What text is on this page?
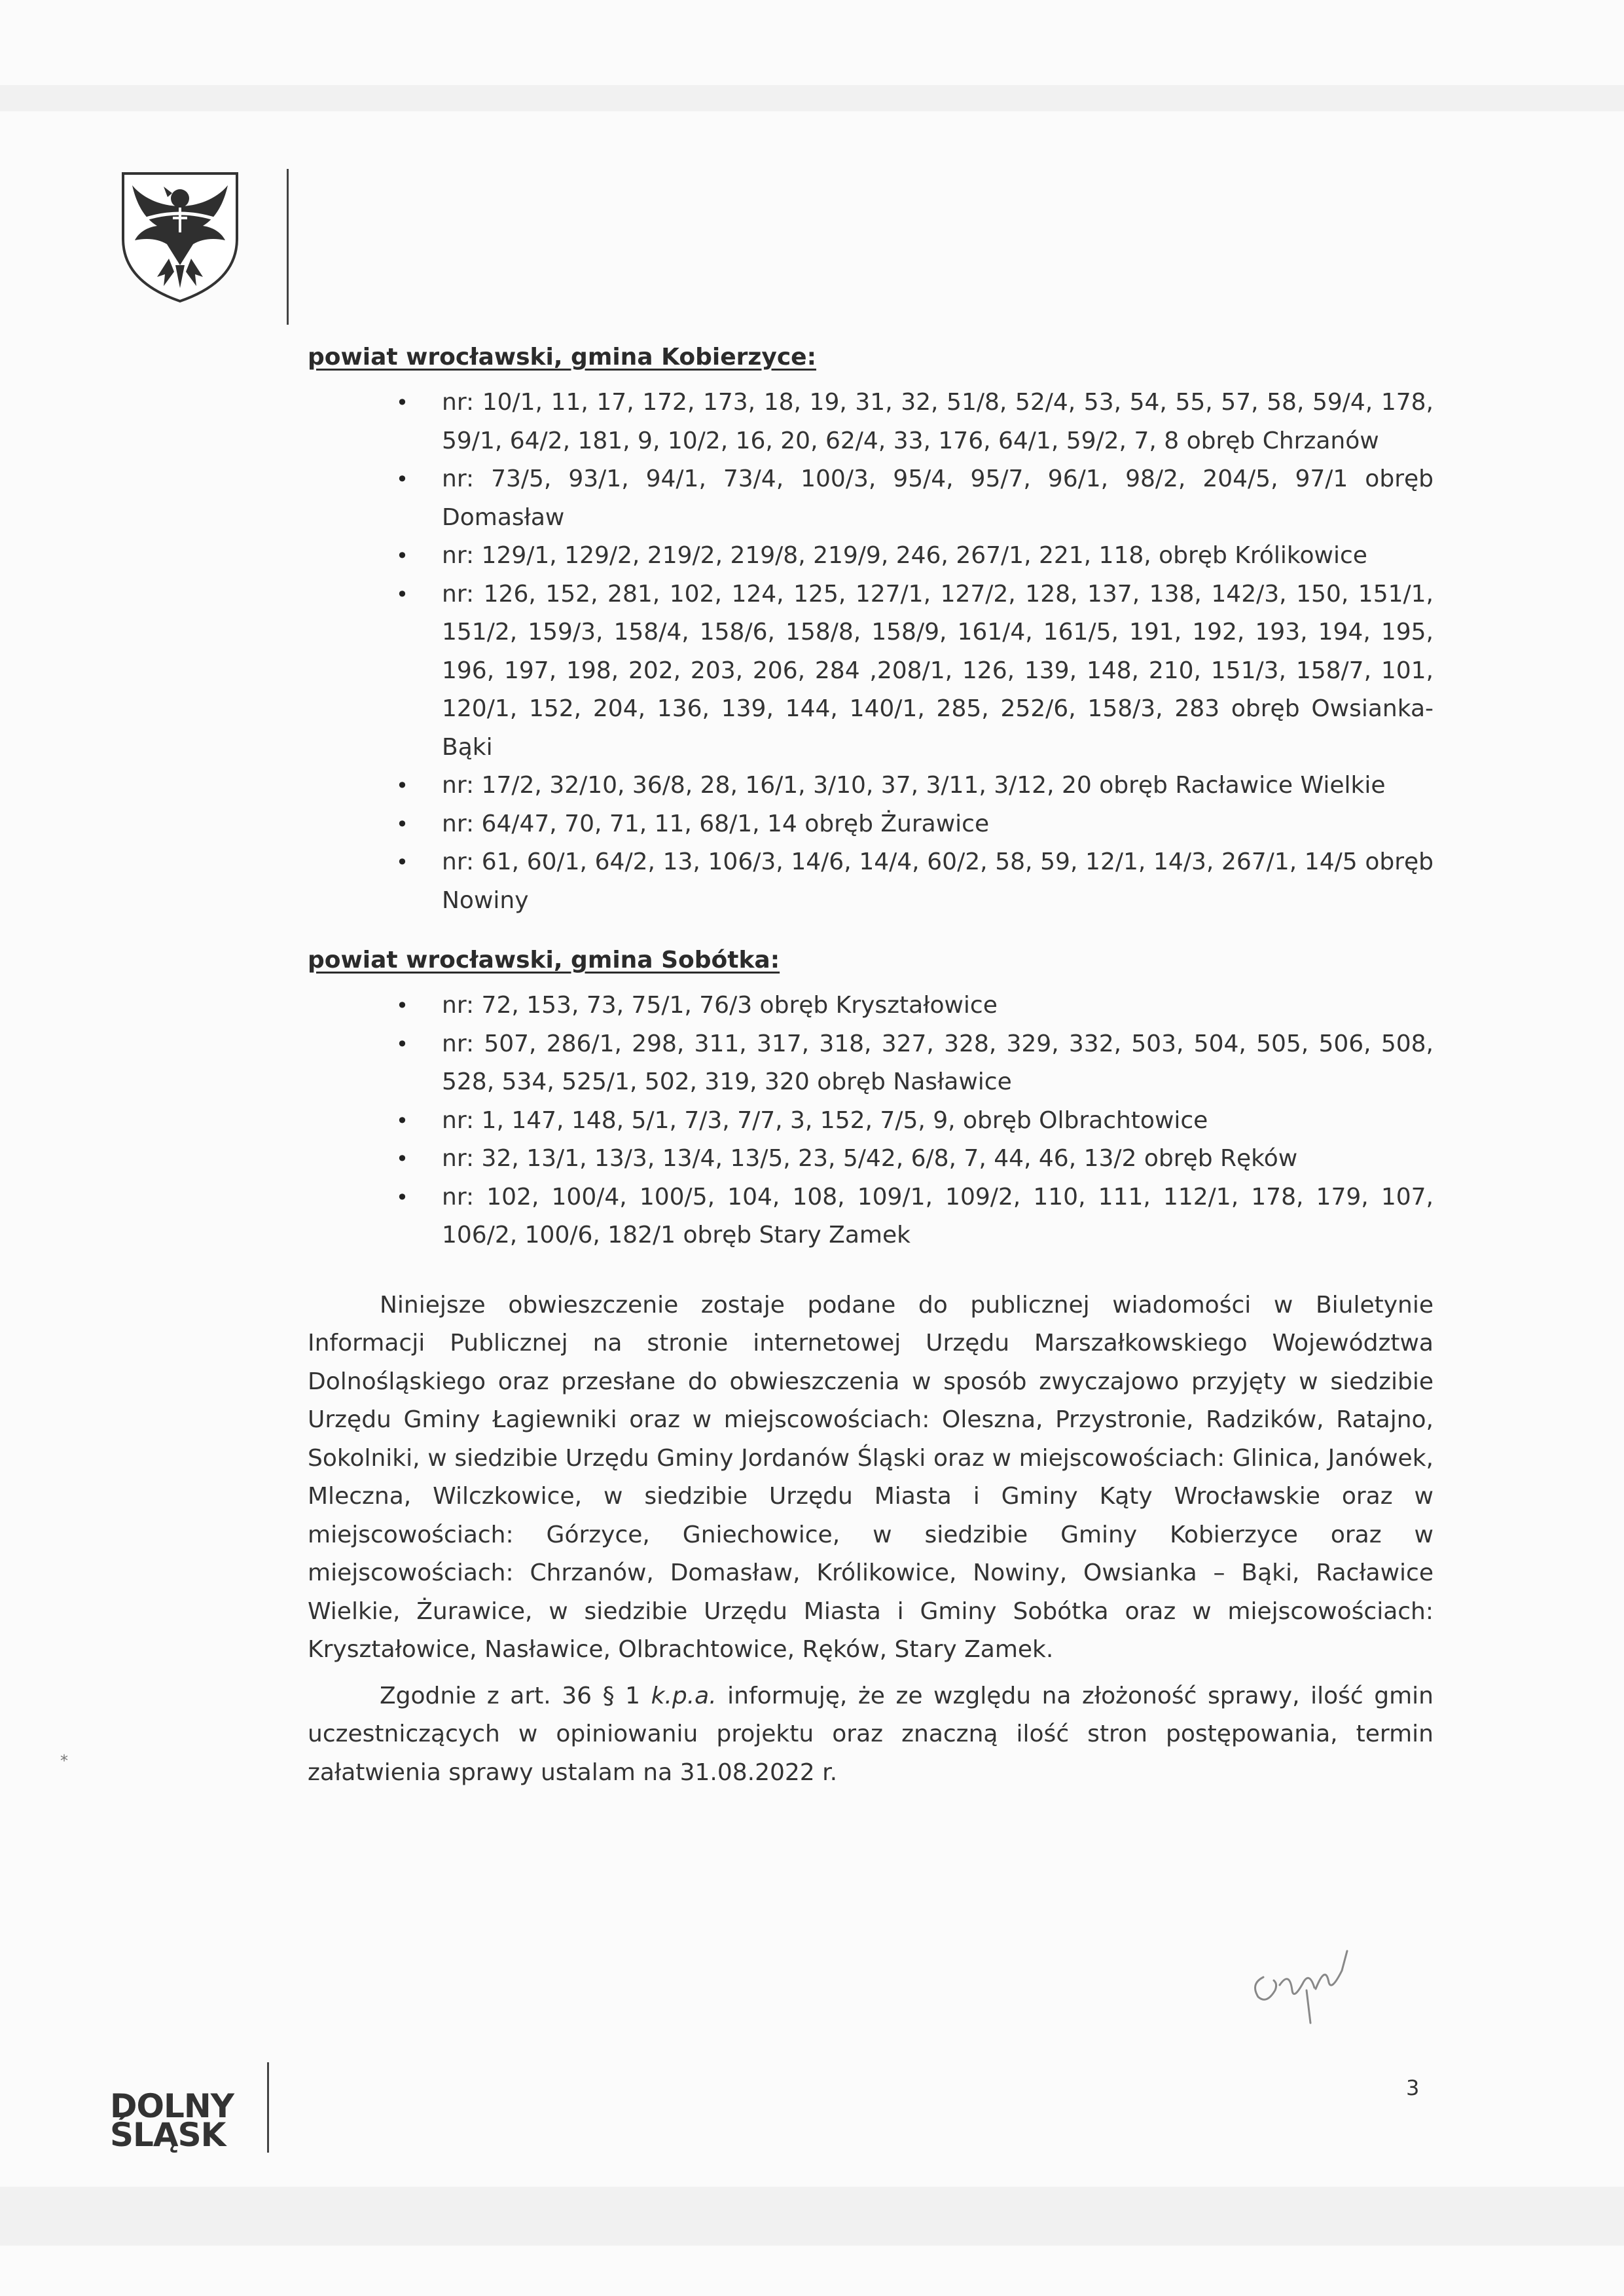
powiat wrocławski, gmina Kobierzyce:
• nr: 10/1, 11, 17, 172, 173, 18, 19, 31, 32, 51/8, 52/4, 53, 54, 55, 57, 58, 59/4, 178, 59/1, 64/2, 181, 9, 10/2, 16, 20, 62/4, 33, 176, 64/1, 59/2, 7, 8 obręb Chrzanów
• nr: 73/5, 93/1, 94/1, 73/4, 100/3, 95/4, 95/7, 96/1, 98/2, 204/5, 97/1 obręb Domasław
• nr: 129/1, 129/2, 219/2, 219/8, 219/9, 246, 267/1, 221, 118, obręb Królikowice
• nr: 126, 152, 281, 102, 124, 125, 127/1, 127/2, 128, 137, 138, 142/3, 150, 151/1, 151/2, 159/3, 158/4, 158/6, 158/8, 158/9, 161/4, 161/5, 191, 192, 193, 194, 195, 196, 197, 198, 202, 203, 206, 284 ,208/1, 126, 139, 148, 210, 151/3, 158/7, 101, 120/1, 152, 204, 136, 139, 144, 140/1, 285, 252/6, 158/3, 283 obręb Owsianka-Bąki
• nr: 17/2, 32/10, 36/8, 28, 16/1, 3/10, 37, 3/11, 3/12, 20 obręb Racławice Wielkie
• nr: 64/47, 70, 71, 11, 68/1, 14 obręb Żurawice
• nr: 61, 60/1, 64/2, 13, 106/3, 14/6, 14/4, 60/2, 58, 59, 12/1, 14/3, 267/1, 14/5 obręb Nowiny
powiat wrocławski, gmina Sobótka:
• nr: 72, 153, 73, 75/1, 76/3 obręb Kryształowice
• nr: 507, 286/1, 298, 311, 317, 318, 327, 328, 329, 332, 503, 504, 505, 506, 508, 528, 534, 525/1, 502, 319, 320 obręb Nasławice
• nr: 1, 147, 148, 5/1, 7/3, 7/7, 3, 152, 7/5, 9, obręb Olbrachtowice
• nr: 32, 13/1, 13/3, 13/4, 13/5, 23, 5/42, 6/8, 7, 44, 46, 13/2 obręb Ręków
• nr: 102, 100/4, 100/5, 104, 108, 109/1, 109/2, 110, 111, 112/1, 178, 179, 107, 106/2, 100/6, 182/1 obręb Stary Zamek

Niniejsze obwieszczenie zostaje podane do publicznej wiadomości w Biuletynie Informacji Publicznej na stronie internetowej Urzędu Marszałkowskiego Województwa Dolnośląskiego oraz przesłane do obwieszczenia w sposób zwyczajowo przyjęty w siedzibie Urzędu Gminy Łagiewniki oraz w miejscowościach: Oleszna, Przystronie, Radzików, Ratajno, Sokolniki, w siedzibie Urzędu Gminy Jordanów Śląski oraz w miejscowościach: Glinica, Janówek, Mleczna, Wilczkowice, w siedzibie Urzędu Miasta i Gminy Kąty Wrocławskie oraz w miejscowościach: Górzyce, Gniechowice, w siedzibie Gminy Kobierzyce oraz w miejscowościach: Chrzanów, Domasław, Królikowice, Nowiny, Owsianka – Bąki, Racławice Wielkie, Żurawice, w siedzibie Urzędu Miasta i Gminy Sobótka oraz w miejscowościach: Kryształowice, Nasławice, Olbrachtowice, Ręków, Stary Zamek.

Zgodnie z art. 36 § 1 k.p.a. informuję, że ze względu na złożoność sprawy, ilość gmin uczestniczących w opiniowaniu projektu oraz znaczną ilość stron postępowania, termin załatwienia sprawy ustalam na 31.08.2022 r.

3
DOLNY
ŚLĄSK
⁎
